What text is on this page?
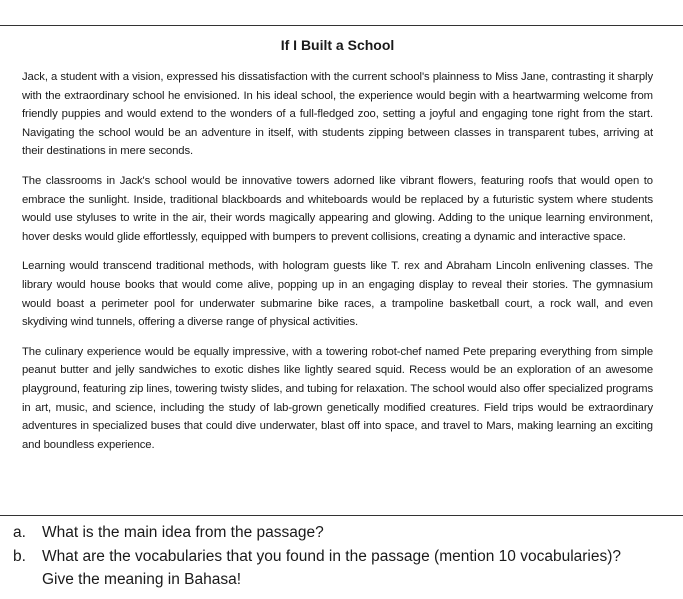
If I Built a School

Jack, a student with a vision, expressed his dissatisfaction with the current school's plainness to Miss Jane, contrasting it sharply with the extraordinary school he envisioned. In his ideal school, the experience would begin with a heartwarming welcome from friendly puppies and would extend to the wonders of a full-fledged zoo, setting a joyful and engaging tone right from the start. Navigating the school would be an adventure in itself, with students zipping between classes in transparent tubes, arriving at their destinations in mere seconds.

The classrooms in Jack's school would be innovative towers adorned like vibrant flowers, featuring roofs that would open to embrace the sunlight. Inside, traditional blackboards and whiteboards would be replaced by a futuristic system where students would use styluses to write in the air, their words magically appearing and glowing. Adding to the unique learning environment, hover desks would glide effortlessly, equipped with bumpers to prevent collisions, creating a dynamic and interactive space.

Learning would transcend traditional methods, with hologram guests like T. rex and Abraham Lincoln enlivening classes. The library would house books that would come alive, popping up in an engaging display to reveal their stories. The gymnasium would boast a perimeter pool for underwater submarine bike races, a trampoline basketball court, a rock wall, and even skydiving wind tunnels, offering a diverse range of physical activities.

The culinary experience would be equally impressive, with a towering robot-chef named Pete preparing everything from simple peanut butter and jelly sandwiches to exotic dishes like lightly seared squid. Recess would be an exploration of an awesome playground, featuring zip lines, towering twisty slides, and tubing for relaxation. The school would also offer specialized programs in art, music, and science, including the study of lab-grown genetically modified creatures. Field trips would be extraordinary adventures in specialized buses that could dive underwater, blast off into space, and travel to Mars, making learning an exciting and boundless experience.

a. What is the main idea from the passage?
b. What are the vocabularies that you found in the passage (mention 10 vocabularies)?
Give the meaning in Bahasa!
